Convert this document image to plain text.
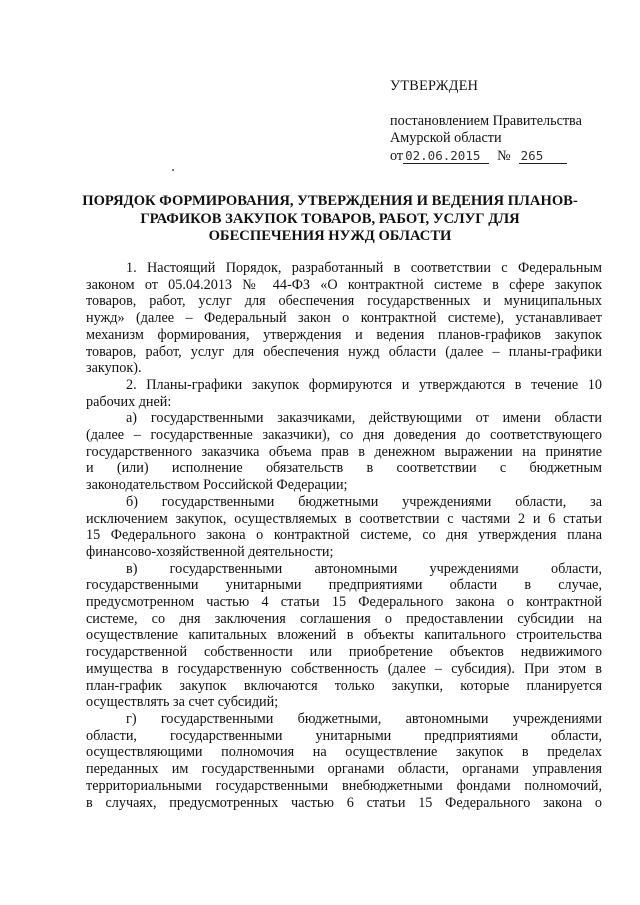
УТВЕРЖДЕН
постановлением Правительства
Амурской области
от 02.06.2015 № 265
ПОРЯДОК ФОРМИРОВАНИЯ, УТВЕРЖДЕНИЯ И ВЕДЕНИЯ ПЛАНОВ-
ГРАФИКОВ ЗАКУПОК ТОВАРОВ, РАБОТ, УСЛУГ ДЛЯ
ОБЕСПЕЧЕНИЯ НУЖД ОБЛАСТИ
1. Настоящий Порядок, разработанный в соответствии с Федеральным
законом от 05.04.2013 № 44-ФЗ «О контрактной системе в сфере закупок
товаров, работ, услуг для обеспечения государственных и муниципальных
нужд» (далее – Федеральный закон о контрактной системе), устанавливает
механизм формирования, утверждения и ведения планов-графиков закупок
товаров, работ, услуг для обеспечения нужд области (далее – планы-графики
закупок).
2. Планы-графики закупок формируются и утверждаются в течение 10
рабочих дней:
а) государственными заказчиками, действующими от имени области
(далее – государственные заказчики), со дня доведения до соответствующего
государственного заказчика объема прав в денежном выражении на принятие
и (или) исполнение обязательств в соответствии с бюджетным
законодательством Российской Федерации;
б) государственными бюджетными учреждениями области, за
исключением закупок, осуществляемых в соответствии с частями 2 и 6 статьи
15 Федерального закона о контрактной системе, со дня утверждения плана
финансово-хозяйственной деятельности;
в) государственными автономными учреждениями области,
государственными унитарными предприятиями области в случае,
предусмотренном частью 4 статьи 15 Федерального закона о контрактной
системе, со дня заключения соглашения о предоставлении субсидии на
осуществление капитальных вложений в объекты капитального строительства
государственной собственности или приобретение объектов недвижимого
имущества в государственную собственность (далее – субсидия). При этом в
план-график закупок включаются только закупки, которые планируется
осуществлять за счет субсидий;
г) государственными бюджетными, автономными учреждениями
области, государственными унитарными предприятиями области,
осуществляющими полномочия на осуществление закупок в пределах
переданных им государственными органами области, органами управления
территориальными государственными внебюджетными фондами полномочий,
в случаях, предусмотренных частью 6 статьи 15 Федерального закона о
